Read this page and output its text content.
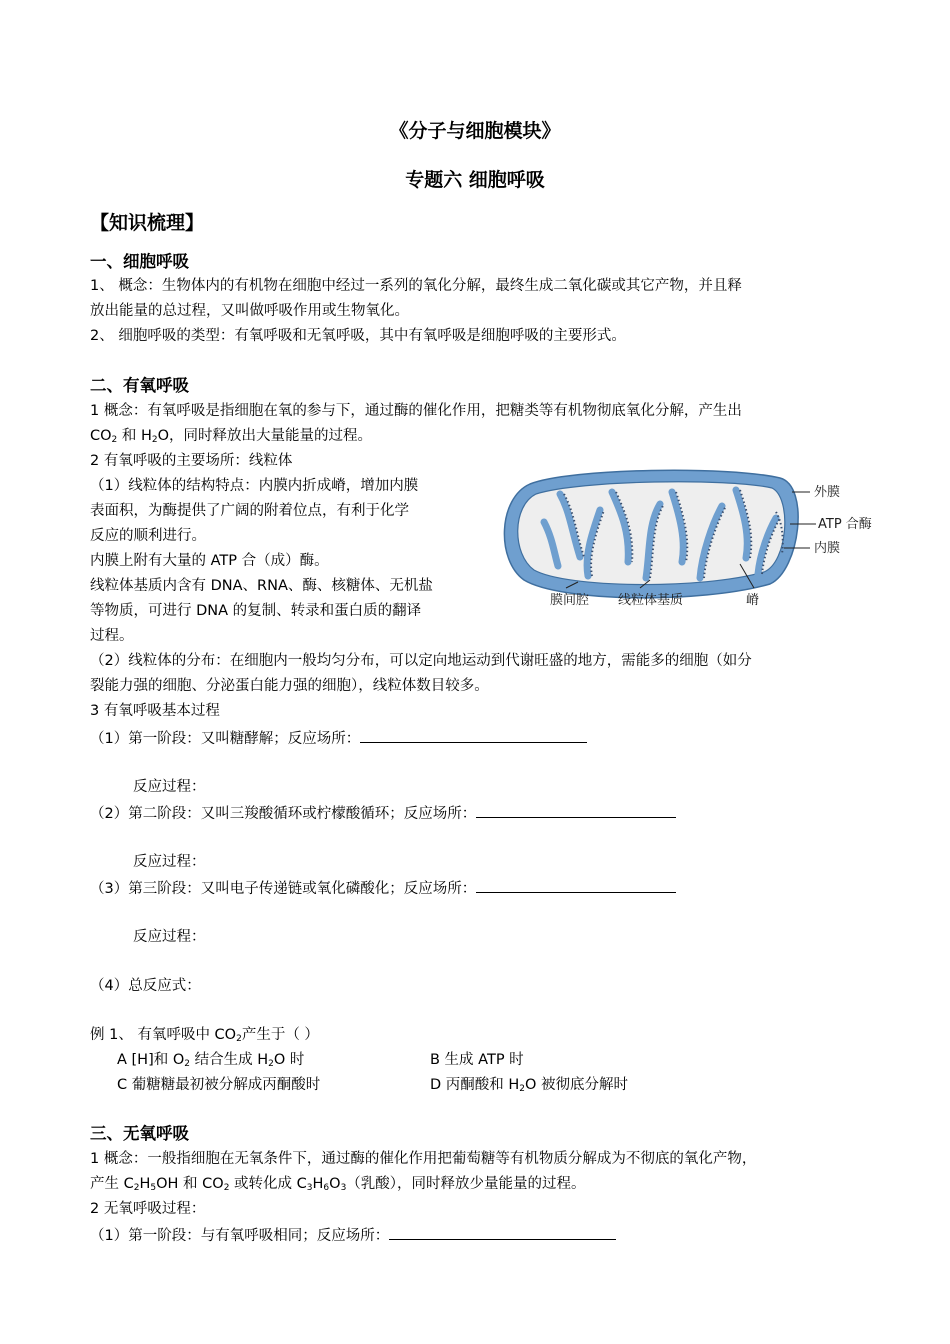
《分子与细胞模块》
专题六 细胞呼吸
【知识梳理】
一、细胞呼吸
1、 概念：生物体内的有机物在细胞中经过一系列的氧化分解，最终生成二氧化碳或其它产物，并且释
放出能量的总过程，又叫做呼吸作用或生物氧化。
2、 细胞呼吸的类型：有氧呼吸和无氧呼吸，其中有氧呼吸是细胞呼吸的主要形式。
二、有氧呼吸
1 概念：有氧呼吸是指细胞在氧的参与下，通过酶的催化作用，把糖类等有机物彻底氧化分解，产生出
$CO_2$ 和 $H_2O$，同时释放出大量能量的过程。
2 有氧呼吸的主要场所：线粒体
（1）线粒体的结构特点：内膜内折成嵴，增加内膜
表面积，为酶提供了广阔的附着位点，有利于化学
反应的顺利进行。
内膜上附有大量的 ATP 合（成）酶。
线粒体基质内含有 DNA、RNA、酶、核糖体、无机盐
等物质，可进行 DNA 的复制、转录和蛋白质的翻译
过程。
（2）线粒体的分布：在细胞内一般均匀分布，可以定向地运动到代谢旺盛的地方，需能多的细胞（如分
裂能力强的细胞、分泌蛋白能力强的细胞），线粒体数目较多。
3 有氧呼吸基本过程
（1）第一阶段：又叫糖酵解；反应场所：
反应过程：
（2）第二阶段：又叫三羧酸循环或柠檬酸循环；反应场所：
反应过程：
（3）第三阶段：又叫电子传递链或氧化磷酸化；反应场所：
反应过程：
（4）总反应式：
例 1、 有氧呼吸中 $CO_2$产生于（ ）
A [H]和 $O_2$ 结合生成 $H_2O$ 时	B 生成 ATP 时
C 葡糖糖最初被分解成丙酮酸时	D 丙酮酸和 $H_2O$ 被彻底分解时
三、无氧呼吸
1 概念：一般指细胞在无氧条件下，通过酶的催化作用把葡萄糖等有机物质分解成为不彻底的氧化产物，
产生 $C_2H_5OH$ 和 $CO_2$ 或转化成 $C_3H_6O_3$（乳酸），同时释放少量能量的过程。
2 无氧呼吸过程：
（1）第一阶段：与有氧呼吸相同；反应场所：
外膜
ATP 合酶
内膜
膜间腔 线粒体基质	嵴
